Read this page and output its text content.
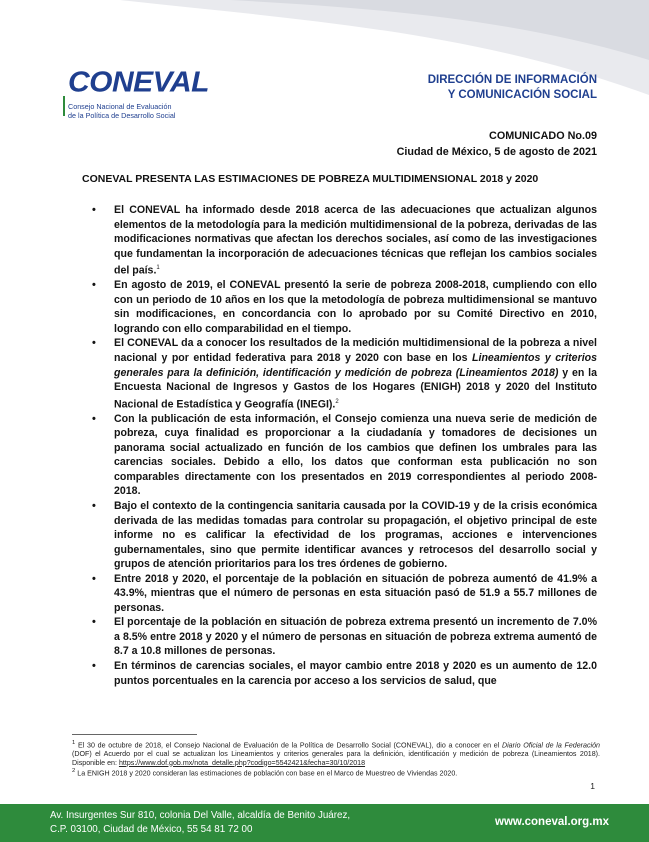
CONEVAL
Consejo Nacional de Evaluación
de la Política de Desarrollo Social
DIRECCIÓN DE INFORMACIÓN
Y COMUNICACIÓN SOCIAL
COMUNICADO No.09
Ciudad de México, 5 de agosto de 2021
CONEVAL PRESENTA LAS ESTIMACIONES DE POBREZA MULTIDIMENSIONAL 2018 y 2020
• El CONEVAL ha informado desde 2018 acerca de las adecuaciones que actualizan algunos elementos de la metodología para la medición multidimensional de la pobreza, derivadas de las modificaciones normativas que afectan los derechos sociales, así como de las investigaciones que fundamentan la incorporación de adecuaciones técnicas que reflejan los cambios sociales del país.$^1$
• En agosto de 2019, el CONEVAL presentó la serie de pobreza 2008-2018, cumpliendo con ello con un periodo de 10 años en los que la metodología de pobreza multidimensional se mantuvo sin modificaciones, en concordancia con lo aprobado por su Comité Directivo en 2010, logrando con ello comparabilidad en el tiempo.
• El CONEVAL da a conocer los resultados de la medición multidimensional de la pobreza a nivel nacional y por entidad federativa para 2018 y 2020 con base en los Lineamientos y criterios generales para la definición, identificación y medición de pobreza (Lineamientos 2018) y en la Encuesta Nacional de Ingresos y Gastos de los Hogares (ENIGH) 2018 y 2020 del Instituto Nacional de Estadística y Geografía (INEGI).$^2$
• Con la publicación de esta información, el Consejo comienza una nueva serie de medición de pobreza, cuya finalidad es proporcionar a la ciudadanía y tomadores de decisiones un panorama social actualizado en función de los cambios que definen los umbrales para las carencias sociales. Debido a ello, los datos que conforman esta publicación no son comparables directamente con los presentados en 2019 correspondientes al periodo 2008-2018.
• Bajo el contexto de la contingencia sanitaria causada por la COVID-19 y de la crisis económica derivada de las medidas tomadas para controlar su propagación, el objetivo principal de este informe no es calificar la efectividad de los programas, acciones e intervenciones gubernamentales, sino que permite identificar avances y retrocesos del desarrollo social y grupos de atención prioritarios para los tres órdenes de gobierno.
• Entre 2018 y 2020, el porcentaje de la población en situación de pobreza aumentó de 41.9% a 43.9%, mientras que el número de personas en esta situación pasó de 51.9 a 55.7 millones de personas.
• El porcentaje de la población en situación de pobreza extrema presentó un incremento de 7.0% a 8.5% entre 2018 y 2020 y el número de personas en situación de pobreza extrema aumentó de 8.7 a 10.8 millones de personas.
• En términos de carencias sociales, el mayor cambio entre 2018 y 2020 es un aumento de 12.0 puntos porcentuales en la carencia por acceso a los servicios de salud, que

$^1$ El 30 de octubre de 2018, el Consejo Nacional de Evaluación de la Política de Desarrollo Social (CONEVAL), dio a conocer en el Diario Oficial de la Federación (DOF) el Acuerdo por el cual se actualizan los Lineamientos y criterios generales para la definición, identificación y medición de pobreza (Lineamientos 2018). Disponible en: https://www.dof.gob.mx/nota_detalle.php?codigo=5542421&fecha=30/10/2018

$^2$ La ENIGH 2018 y 2020 consideran las estimaciones de población con base en el Marco de Muestreo de Viviendas 2020.

1
Av. Insurgentes Sur 810, colonia Del Valle, alcaldía de Benito Juárez,
C.P. 03100, Ciudad de México, 55 54 81 72 00
www.coneval.org.mx
